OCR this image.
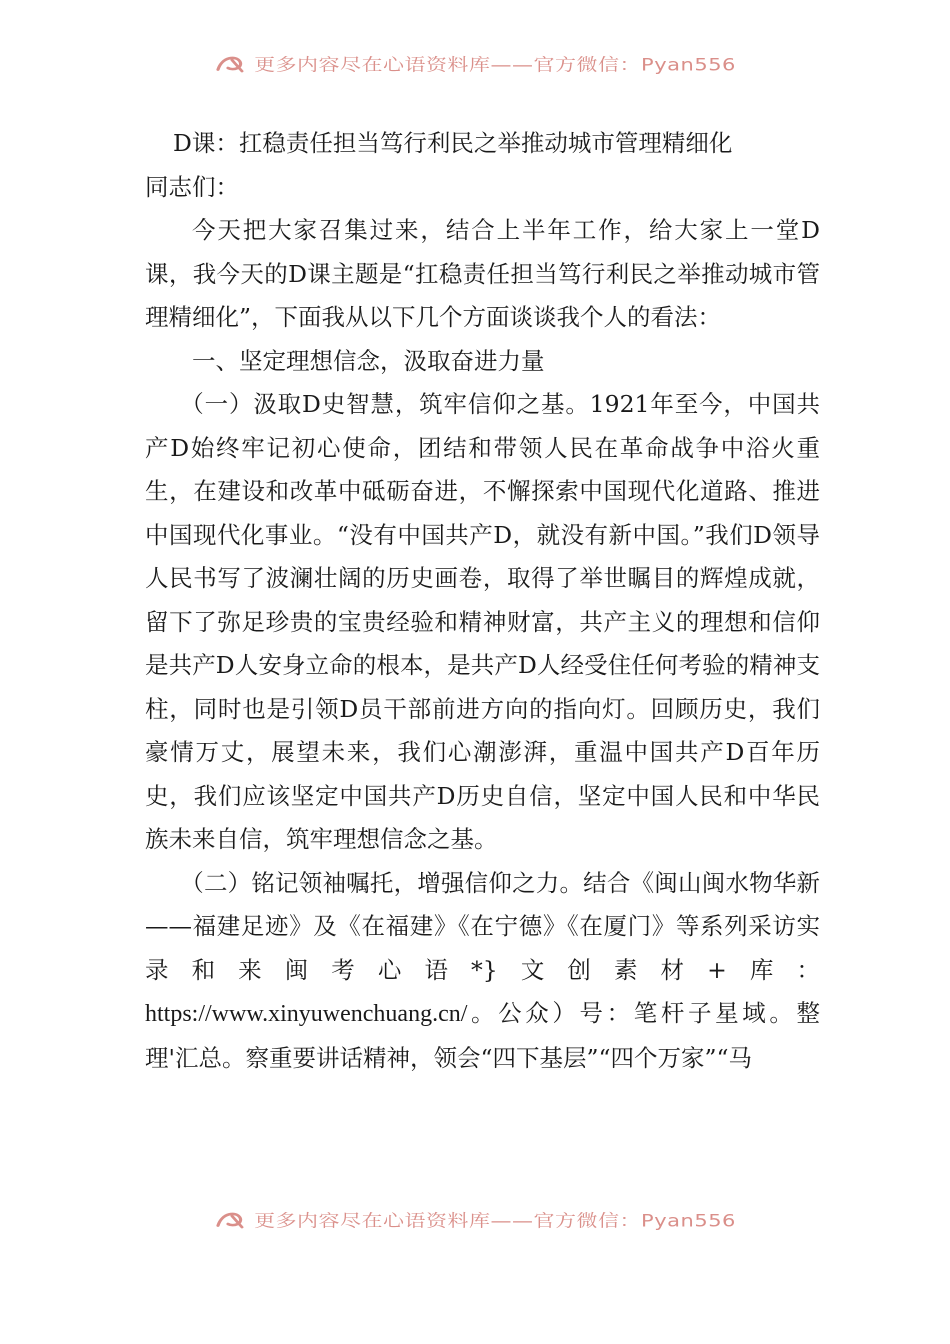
更多内容尽在心语资料库——官方微信：Pyan556

D课：扛稳责任担当笃行利民之举推动城市管理精细化

同志们：

今天把大家召集过来，结合上半年工作，给大家上一堂D课，我今天的D课主题是“扛稳责任担当笃行利民之举推动城市管理精细化”，下面我从以下几个方面谈谈我个人的看法：

一、坚定理想信念，汲取奋进力量

（一）汲取D史智慧，筑牢信仰之基。1921年至今，中国共产D始终牢记初心使命，团结和带领人民在革命战争中浴火重生，在建设和改革中砥砺奋进，不懈探索中国现代化道路、推进中国现代化事业。“没有中国共产D，就没有新中国。”我们D领导人民书写了波澜壮阔的历史画卷，取得了举世瞩目的辉煌成就，留下了弥足珍贵的宝贵经验和精神财富，共产主义的理想和信仰是共产D人安身立命的根本，是共产D人经受住任何考验的精神支柱，同时也是引领D员干部前进方向的指向灯。回顾历史，我们豪情万丈，展望未来，我们心潮澎湃，重温中国共产D百年历史，我们应该坚定中国共产D历史自信，坚定中国人民和中华民族未来自信，筑牢理想信念之基。

（二）铭记领袖嘱托，增强信仰之力。结合《闽山闽水物华新——福建足迹》及《在福建》《在宁德》《在厦门》等系列采访实录和来闽考心语*}文创素材+库：https://www.xinyuwenchuang.cn/。公众）号：笔杆子星域。整理'汇总。察重要讲话精神，领会“四下基层”“四个万家”“马

更多内容尽在心语资料库——官方微信：Pyan556
